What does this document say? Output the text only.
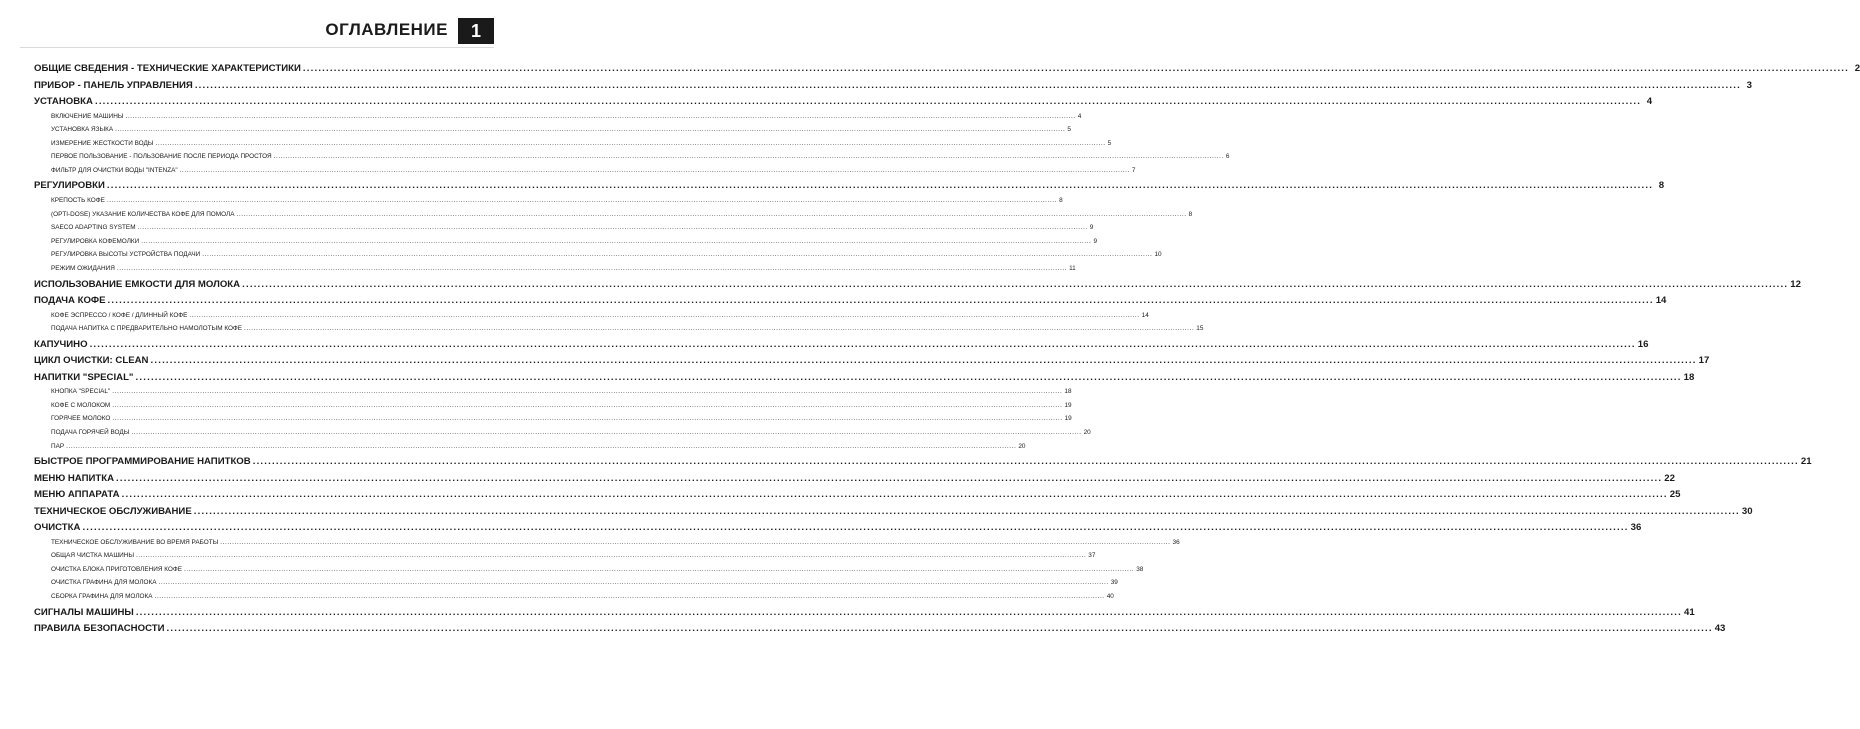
ОГЛАВЛЕНИЕ	1
ОБЩИЕ СВЕДЕНИЯ - ТЕХНИЧЕСКИЕ ХАРАКТЕРИСТИКИ ................................................................................................................................................................................................................................................................................................................................................................................................................ 2
ПРИБОР - ПАНЕЛЬ УПРАВЛЕНИЯ ................................................................................................................................................................................................................................................................................................................................................................................................................ 3
УСТАНОВКА ................................................................................................................................................................................................................................................................................................................................................................................................................ 4
ВКЛЮЧЕНИЕ МАШИНЫ ................................................................................................................................................................................................................................................................................................................................................................................................................ 4
УСТАНОВКА ЯЗЫКА ................................................................................................................................................................................................................................................................................................................................................................................................................ 5
ИЗМЕРЕНИЕ ЖЕСТКОСТИ ВОДЫ ................................................................................................................................................................................................................................................................................................................................................................................................................ 5
ПЕРВОЕ ПОЛЬЗОВАНИЕ - ПОЛЬЗОВАНИЕ ПОСЛЕ ПЕРИОДА ПРОСТОЯ ................................................................................................................................................................................................................................................................................................................................................................................................................ 6
ФИЛЬТР ДЛЯ ОЧИСТКИ ВОДЫ "INTENZA" ................................................................................................................................................................................................................................................................................................................................................................................................................ 7
РЕГУЛИРОВКИ ................................................................................................................................................................................................................................................................................................................................................................................................................ 8
КРЕПОСТЬ КОФЕ ................................................................................................................................................................................................................................................................................................................................................................................................................ 8
(OPTI-DOSE) УКАЗАНИЕ КОЛИЧЕСТВА КОФЕ ДЛЯ ПОМОЛА ................................................................................................................................................................................................................................................................................................................................................................................................................ 8
SAECO ADAPTING SYSTEM ................................................................................................................................................................................................................................................................................................................................................................................................................ 9
РЕГУЛИРОВКА КОФЕМОЛКИ ................................................................................................................................................................................................................................................................................................................................................................................................................ 9
РЕГУЛИРОВКА ВЫСОТЫ УСТРОЙСТВА ПОДАЧИ ................................................................................................................................................................................................................................................................................................................................................................................................................ 10
РЕЖИМ ОЖИДАНИЯ ................................................................................................................................................................................................................................................................................................................................................................................................................ 11
ИСПОЛЬЗОВАНИЕ ЕМКОСТИ ДЛЯ МОЛОКА ................................................................................................................................................................................................................................................................................................................................................................................................................ 12
ПОДАЧА КОФЕ ................................................................................................................................................................................................................................................................................................................................................................................................................ 14
КОФЕ ЭСПРЕССО / КОФЕ / ДЛИННЫЙ КОФЕ ................................................................................................................................................................................................................................................................................................................................................................................................................ 14
ПОДАЧА НАПИТКА С ПРЕДВАРИТЕЛЬНО НАМОЛОТЫМ КОФЕ ................................................................................................................................................................................................................................................................................................................................................................................................................ 15
КАПУЧИНО ................................................................................................................................................................................................................................................................................................................................................................................................................ 16
ЦИКЛ ОЧИСТКИ: CLEAN ................................................................................................................................................................................................................................................................................................................................................................................................................ 17
НАПИТКИ "SPECIAL" ................................................................................................................................................................................................................................................................................................................................................................................................................ 18
КНОПКА "SPECIAL" ................................................................................................................................................................................................................................................................................................................................................................................................................ 18
КОФЕ С МОЛОКОМ ................................................................................................................................................................................................................................................................................................................................................................................................................ 19
ГОРЯЧЕЕ МОЛОКО ................................................................................................................................................................................................................................................................................................................................................................................................................ 19
ПОДАЧА ГОРЯЧЕЙ ВОДЫ ................................................................................................................................................................................................................................................................................................................................................................................................................ 20
ПАР ................................................................................................................................................................................................................................................................................................................................................................................................................ 20
БЫСТРОЕ ПРОГРАММИРОВАНИЕ НАПИТКОВ ................................................................................................................................................................................................................................................................................................................................................................................................................ 21
МЕНЮ НАПИТКА ................................................................................................................................................................................................................................................................................................................................................................................................................ 22
МЕНЮ АППАРАТА ................................................................................................................................................................................................................................................................................................................................................................................................................ 25
ТЕХНИЧЕСКОЕ ОБСЛУЖИВАНИЕ ................................................................................................................................................................................................................................................................................................................................................................................................................ 30
ОЧИСТКА ................................................................................................................................................................................................................................................................................................................................................................................................................ 36
ТЕХНИЧЕСКОЕ ОБСЛУЖИВАНИЕ ВО ВРЕМЯ РАБОТЫ ................................................................................................................................................................................................................................................................................................................................................................................................................ 36
ОБЩАЯ ЧИСТКА МАШИНЫ ................................................................................................................................................................................................................................................................................................................................................................................................................ 37
ОЧИСТКА БЛОКА ПРИГОТОВЛЕНИЯ КОФЕ ................................................................................................................................................................................................................................................................................................................................................................................................................ 38
ОЧИСТКА ГРАФИНА ДЛЯ МОЛОКА ................................................................................................................................................................................................................................................................................................................................................................................................................ 39
СБОРКА ГРАФИНА ДЛЯ МОЛОКА ................................................................................................................................................................................................................................................................................................................................................................................................................ 40
СИГНАЛЫ МАШИНЫ ................................................................................................................................................................................................................................................................................................................................................................................................................ 41
ПРАВИЛА БЕЗОПАСНОСТИ ................................................................................................................................................................................................................................................................................................................................................................................................................ 43
